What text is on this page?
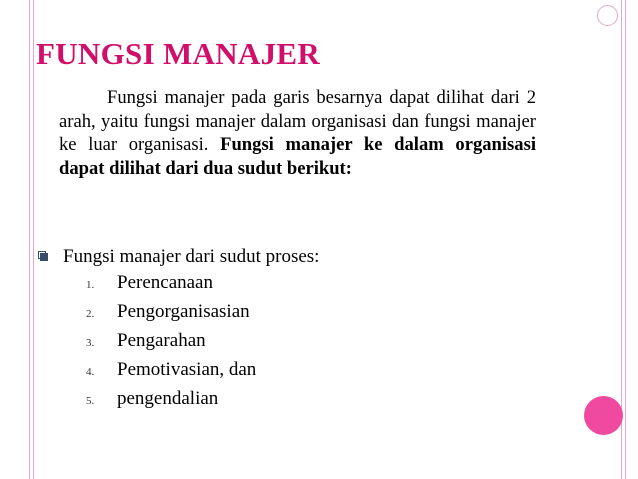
FUNGSI MANAJER
Fungsi manajer pada garis besarnya dapat dilihat dari 2 arah, yaitu fungsi manajer dalam organisasi dan fungsi manajer ke luar organisasi. Fungsi manajer ke dalam organisasi dapat dilihat dari dua sudut berikut:
Fungsi manajer dari sudut proses:
1.	Perencanaan
2.	Pengorganisasian
3.	Pengarahan
4.	Pemotivasian, dan
5.	pengendalian
